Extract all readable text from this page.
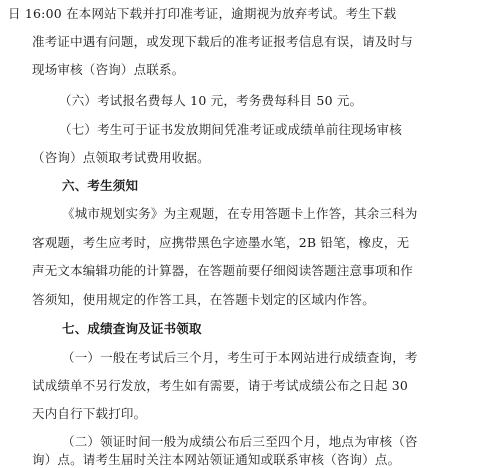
日 16:00 在本网站下载并打印准考证，逾期视为放弃考试。考生下载
准考证中遇有问题，或发现下载后的准考证报考信息有误，请及时与
现场审核（咨询）点联系。
（六）考试报名费每人 10 元，考务费每科目 50 元。
（七）考生可于证书发放期间凭准考证或成绩单前往现场审核
（咨询）点领取考试费用收据。
六、考生须知
《城市规划实务》为主观题，在专用答题卡上作答，其余三科为
客观题，考生应考时，应携带黑色字迹墨水笔，2B 铅笔，橡皮，无
声无文本编辑功能的计算器，在答题前要仔细阅读答题注意事项和作
答须知，使用规定的作答工具，在答题卡划定的区域内作答。
七、成绩查询及证书领取
（一）一般在考试后三个月，考生可于本网站进行成绩查询，考
试成绩单不另行发放，考生如有需要，请于考试成绩公布之日起 30
天内自行下载打印。
（二）领证时间一般为成绩公布后三至四个月，地点为审核（咨
询）点。请考生届时关注本网站领证通知或联系审核（咨询）点。
